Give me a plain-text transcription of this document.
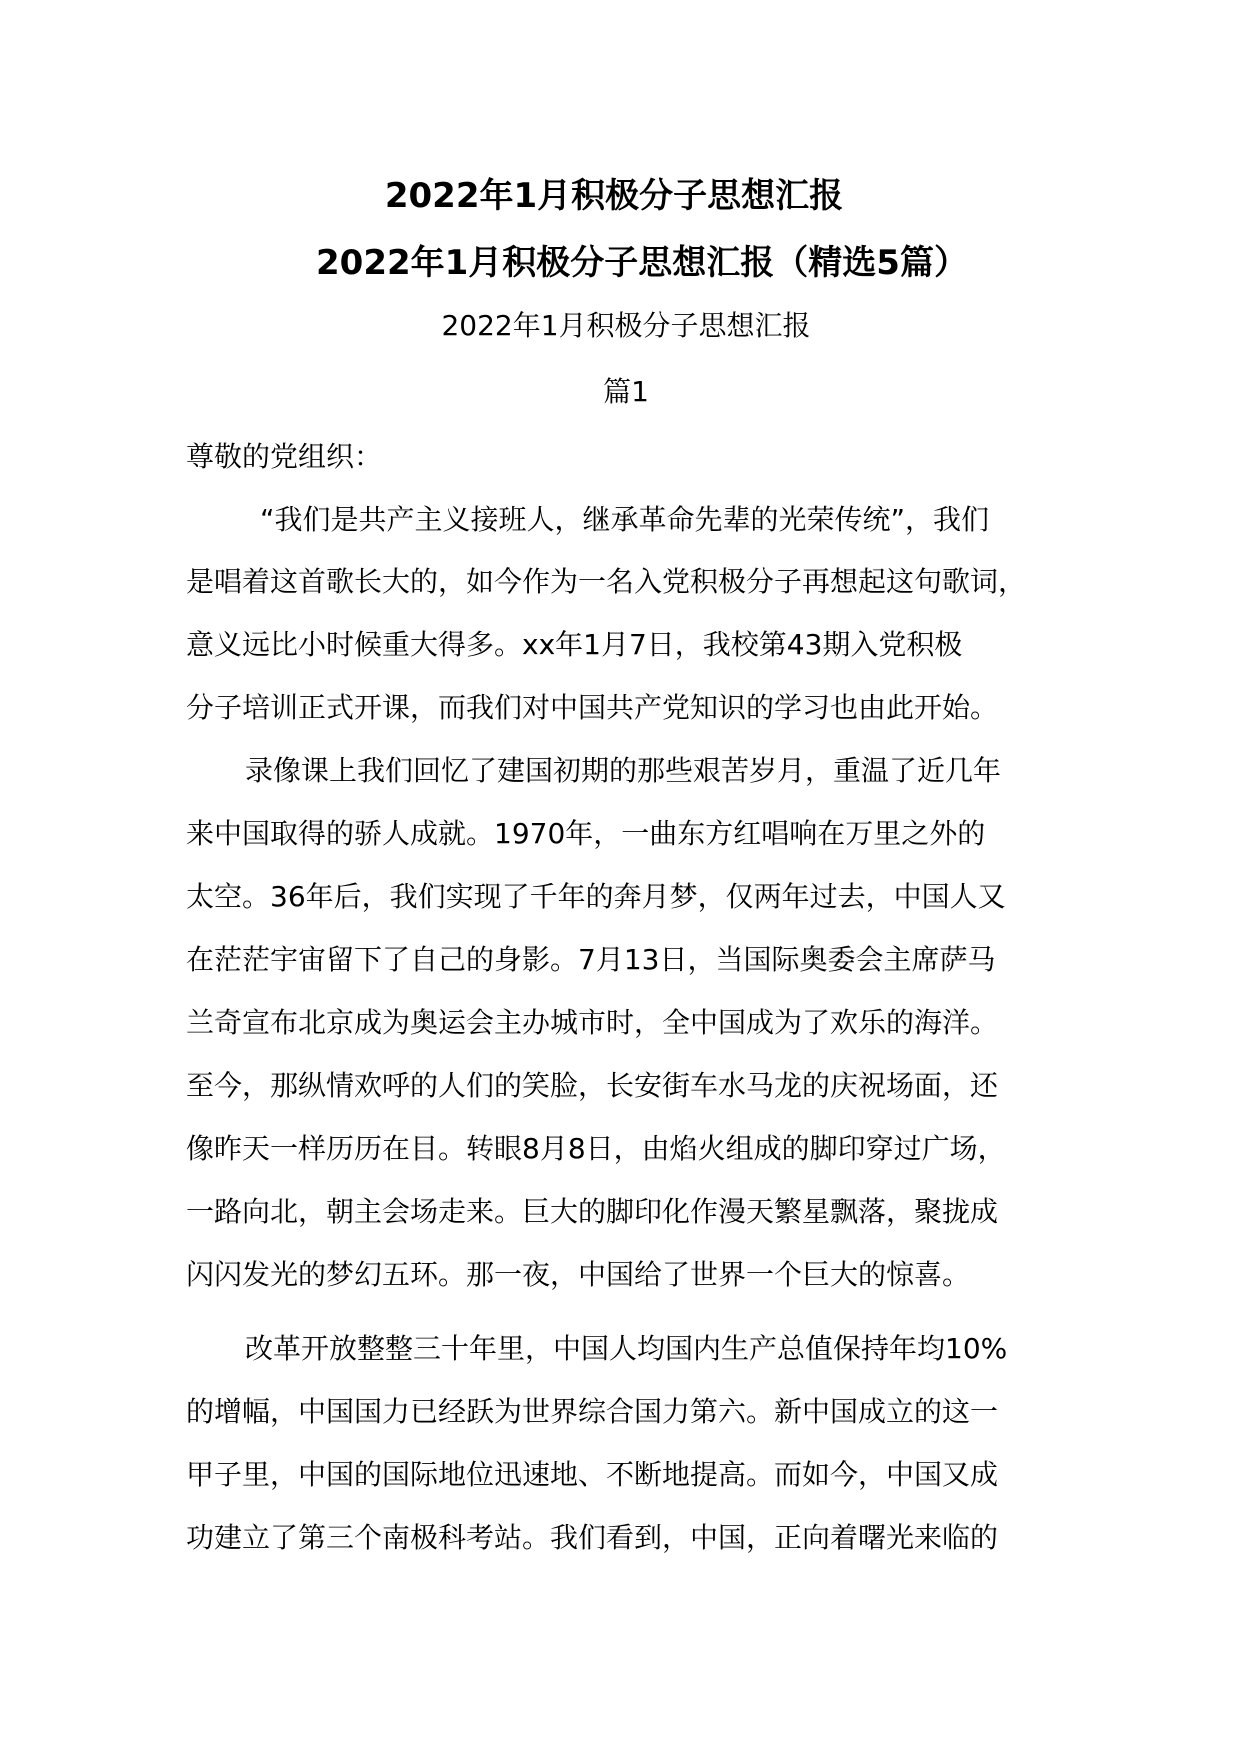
2022年1月积极分子思想汇报
2022年1月积极分子思想汇报（精选5篇）
2022年1月积极分子思想汇报
篇1
尊敬的党组织：
“我们是共产主义接班人，继承革命先辈的光荣传统”，我们
是唱着这首歌长大的，如今作为一名入党积极分子再想起这句歌词，
意义远比小时候重大得多。xx年1月7日，我校第43期入党积极
分子培训正式开课，而我们对中国共产党知识的学习也由此开始。
录像课上我们回忆了建国初期的那些艰苦岁月，重温了近几年
来中国取得的骄人成就。1970年，一曲东方红唱响在万里之外的
太空。36年后，我们实现了千年的奔月梦，仅两年过去，中国人又
在茫茫宇宙留下了自己的身影。7月13日，当国际奥委会主席萨马
兰奇宣布北京成为奥运会主办城市时，全中国成为了欢乐的海洋。
至今，那纵情欢呼的人们的笑脸，长安街车水马龙的庆祝场面，还
像昨天一样历历在目。转眼8月8日，由焰火组成的脚印穿过广场，
一路向北，朝主会场走来。巨大的脚印化作漫天繁星飘落，聚拢成
闪闪发光的梦幻五环。那一夜，中国给了世界一个巨大的惊喜。
改革开放整整三十年里，中国人均国内生产总值保持年均10%
的增幅，中国国力已经跃为世界综合国力第六。新中国成立的这一
甲子里，中国的国际地位迅速地、不断地提高。而如今，中国又成
功建立了第三个南极科考站。我们看到，中国，正向着曙光来临的
